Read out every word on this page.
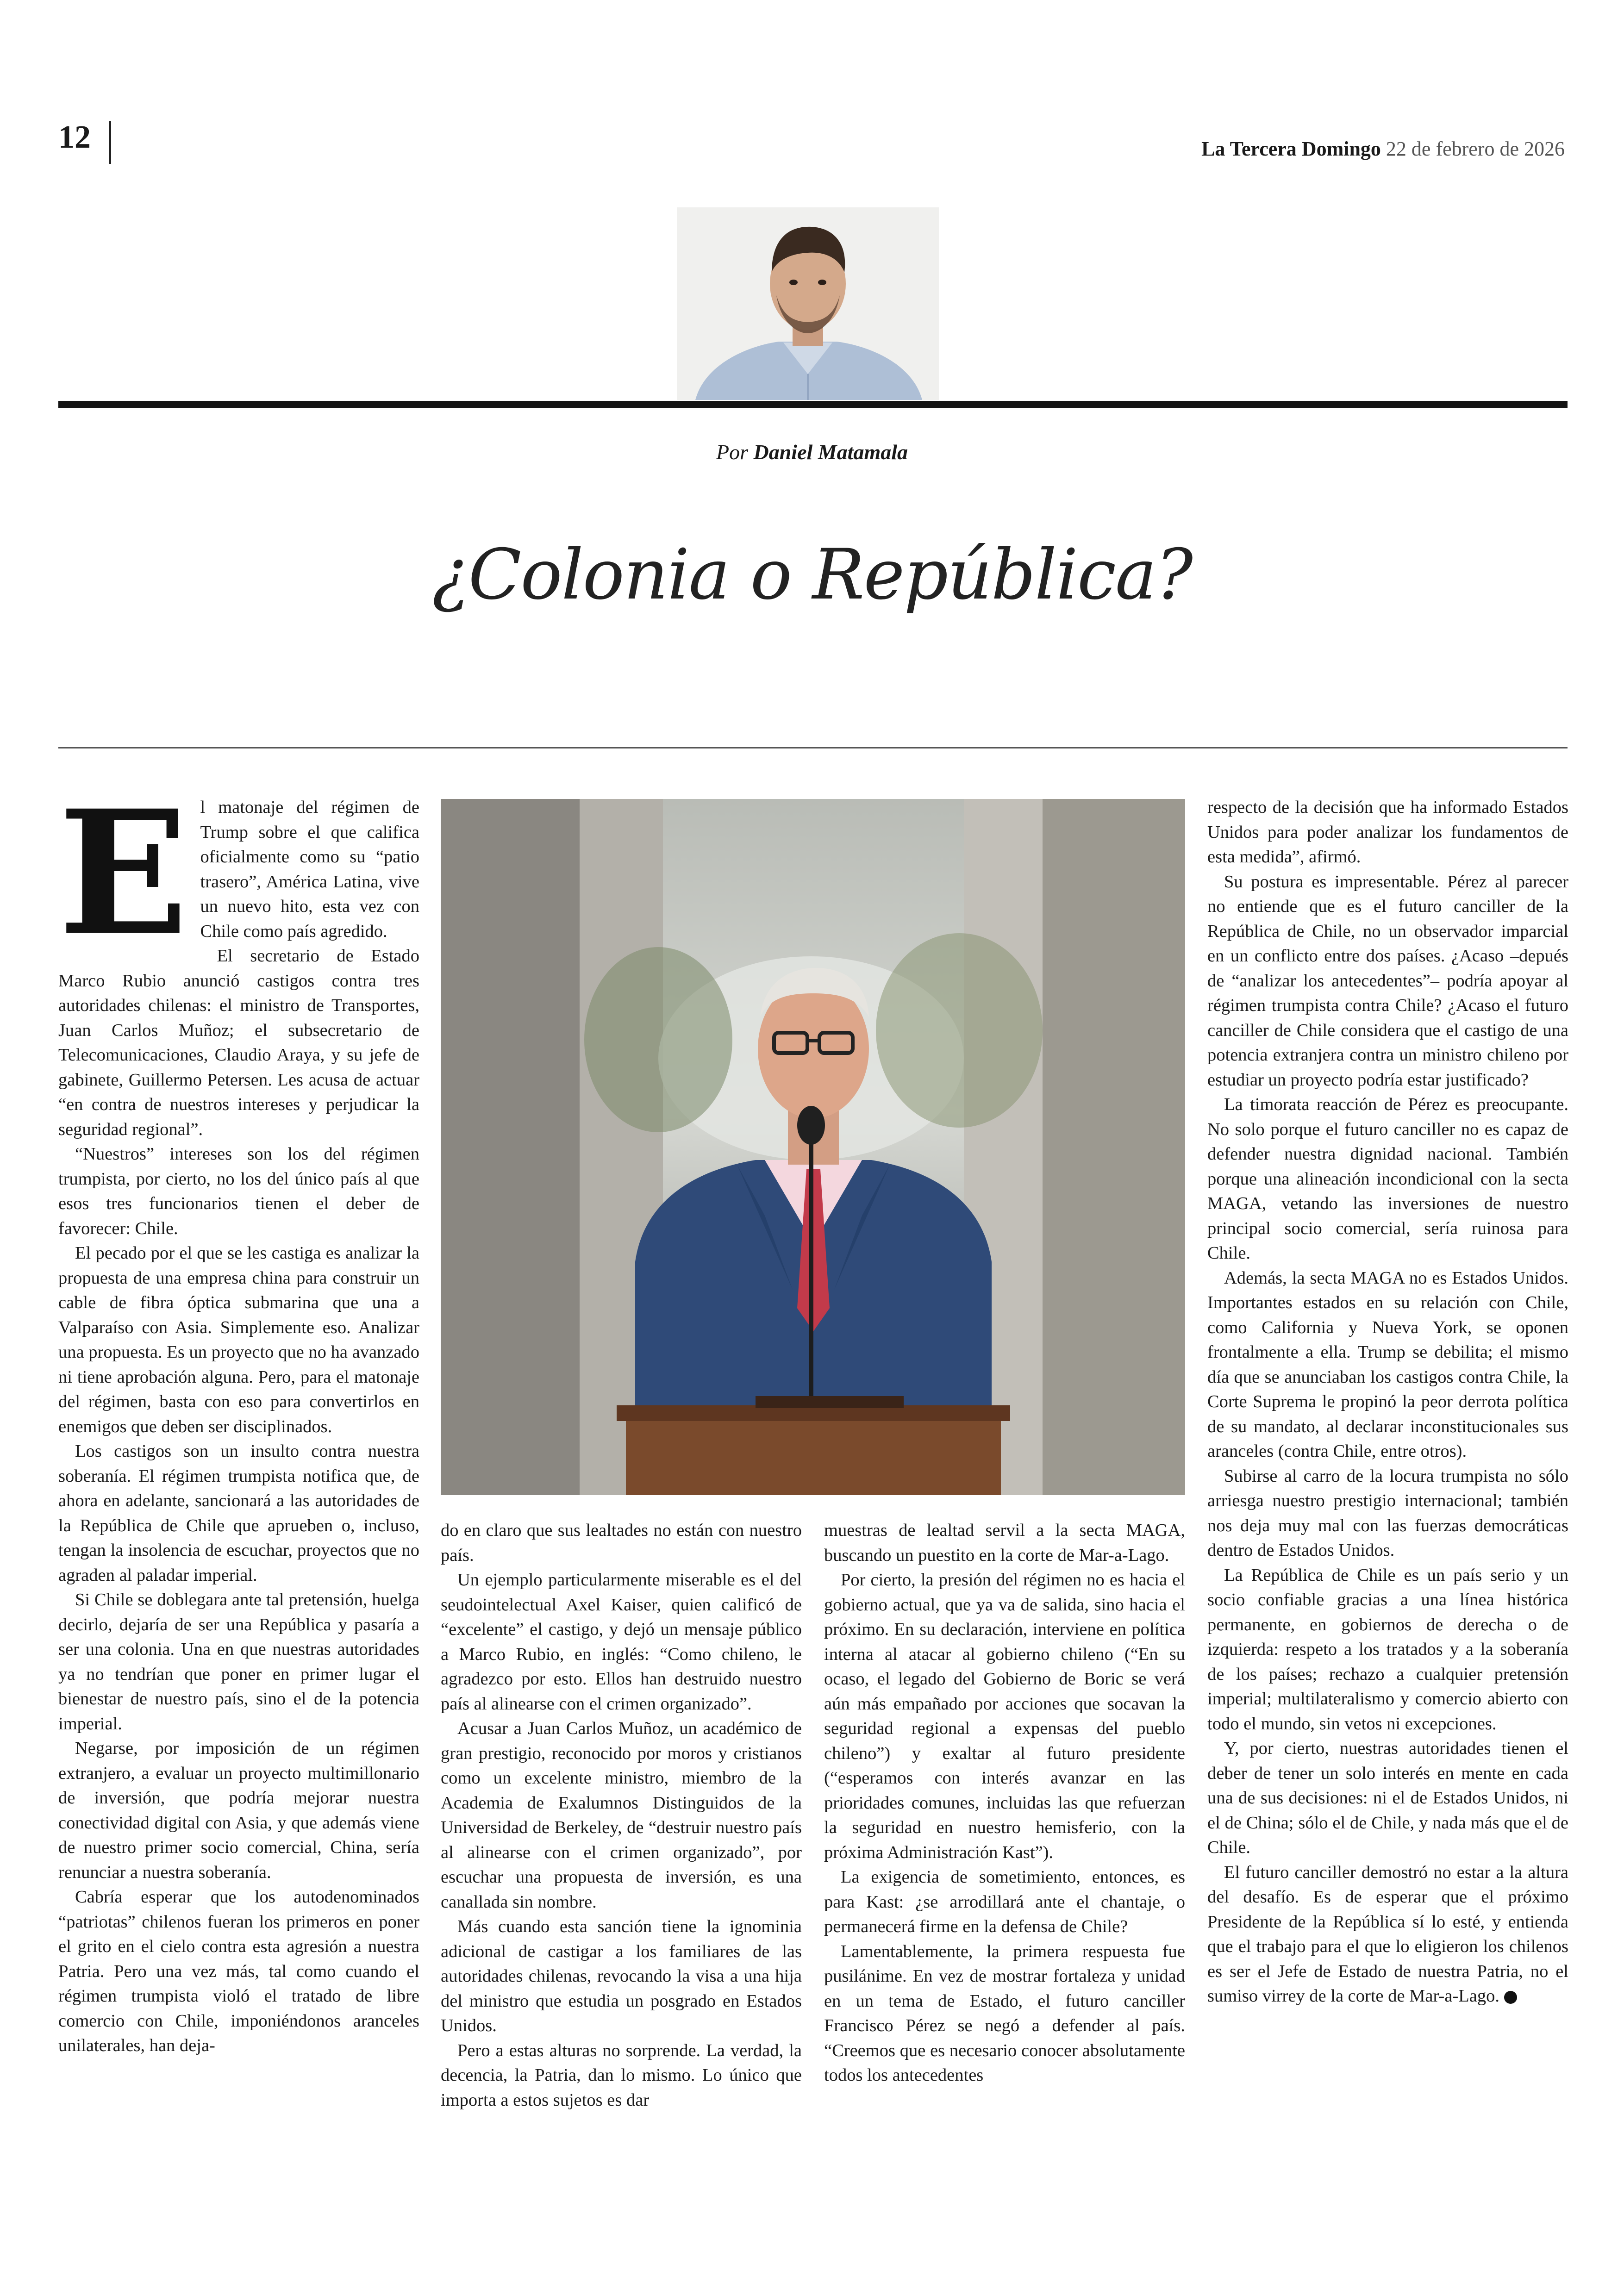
12	La Tercera Domingo 22 de febrero de 2026
Por Daniel Matamala
¿Colonia o República?
E l matonaje del régimen de Trump sobre el que califica oficialmente como su “patio trasero”, América Latina, vive un nuevo hito, esta vez con Chile como país agredido.

El secretario de Estado Marco Rubio anunció castigos contra tres autoridades chilenas: el ministro de Transportes, Juan Carlos Muñoz; el subsecretario de Telecomunicaciones, Claudio Araya, y su jefe de gabinete, Guillermo Petersen. Les acusa de actuar “en contra de nuestros intereses y perjudicar la seguridad regional”.

“Nuestros” intereses son los del régimen trumpista, por cierto, no los del único país al que esos tres funcionarios tienen el deber de favorecer: Chile.

El pecado por el que se les castiga es analizar la propuesta de una empresa china para construir un cable de fibra óptica submarina que una a Valparaíso con Asia. Simplemente eso. Analizar una propuesta. Es un proyecto que no ha avanzado ni tiene aprobación alguna. Pero, para el matonaje del régimen, basta con eso para convertirlos en enemigos que deben ser disciplinados.

Los castigos son un insulto contra nuestra soberanía. El régimen trumpista notifica que, de ahora en adelante, sancionará a las autoridades de la República de Chile que aprueben o, incluso, tengan la insolencia de escuchar, proyectos que no agraden al paladar imperial.

Si Chile se doblegara ante tal pretensión, huelga decirlo, dejaría de ser una República y pasaría a ser una colonia. Una en que nuestras autoridades ya no tendrían que poner en primer lugar el bienestar de nuestro país, sino el de la potencia imperial.

Negarse, por imposición de un régimen extranjero, a evaluar un proyecto multimillonario de inversión, que podría mejorar nuestra conectividad digital con Asia, y que además viene de nuestro primer socio comercial, China, sería renunciar a nuestra soberanía.

Cabría esperar que los autodenominados “patriotas” chilenos fueran los primeros en poner el grito en el cielo contra esta agresión a nuestra Patria. Pero una vez más, tal como cuando el régimen trumpista violó el tratado de libre comercio con Chile, imponiéndonos aranceles unilaterales, han deja-

do en claro que sus lealtades no están con nuestro país.

Un ejemplo particularmente miserable es el del seudointelectual Axel Kaiser, quien calificó de “excelente” el castigo, y dejó un mensaje público a Marco Rubio, en inglés: “Como chileno, le agradezco por esto. Ellos han destruido nuestro país al alinearse con el crimen organizado”.

Acusar a Juan Carlos Muñoz, un académico de gran prestigio, reconocido por moros y cristianos como un excelente ministro, miembro de la Academia de Exalumnos Distinguidos de la Universidad de Berkeley, de “destruir nuestro país al alinearse con el crimen organizado”, por escuchar una propuesta de inversión, es una canallada sin nombre.

Más cuando esta sanción tiene la ignominia adicional de castigar a los familiares de las autoridades chilenas, revocando la visa a una hija del ministro que estudia un posgrado en Estados Unidos.

Pero a estas alturas no sorprende. La verdad, la decencia, la Patria, dan lo mismo. Lo único que importa a estos sujetos es dar

muestras de lealtad servil a la secta MAGA, buscando un puestito en la corte de Mar-a-Lago.

Por cierto, la presión del régimen no es hacia el gobierno actual, que ya va de salida, sino hacia el próximo. En su declaración, interviene en política interna al atacar al gobierno chileno (“En su ocaso, el legado del Gobierno de Boric se verá aún más empañado por acciones que socavan la seguridad regional a expensas del pueblo chileno”) y exaltar al futuro presidente (“esperamos con interés avanzar en las prioridades comunes, incluidas las que refuerzan la seguridad en nuestro hemisferio, con la próxima Administración Kast”).

La exigencia de sometimiento, entonces, es para Kast: ¿se arrodillará ante el chantaje, o permanecerá firme en la defensa de Chile?

Lamentablemente, la primera respuesta fue pusilánime. En vez de mostrar fortaleza y unidad en un tema de Estado, el futuro canciller Francisco Pérez se negó a defender al país. “Creemos que es necesario conocer absolutamente todos los antecedentes

respecto de la decisión que ha informado Estados Unidos para poder analizar los fundamentos de esta medida”, afirmó.

Su postura es impresentable. Pérez al parecer no entiende que es el futuro canciller de la República de Chile, no un observador imparcial en un conflicto entre dos países. ¿Acaso –depués de “analizar los antecedentes”– podría apoyar al régimen trumpista contra Chile? ¿Acaso el futuro canciller de Chile considera que el castigo de una potencia extranjera contra un ministro chileno por estudiar un proyecto podría estar justificado?

La timorata reacción de Pérez es preocupante. No solo porque el futuro canciller no es capaz de defender nuestra dignidad nacional. También porque una alineación incondicional con la secta MAGA, vetando las inversiones de nuestro principal socio comercial, sería ruinosa para Chile.

Además, la secta MAGA no es Estados Unidos. Importantes estados en su relación con Chile, como California y Nueva York, se oponen frontalmente a ella. Trump se debilita; el mismo día que se anunciaban los castigos contra Chile, la Corte Suprema le propinó la peor derrota política de su mandato, al declarar inconstitucionales sus aranceles (contra Chile, entre otros).

Subirse al carro de la locura trumpista no sólo arriesga nuestro prestigio internacional; también nos deja muy mal con las fuerzas democráticas dentro de Estados Unidos.

La República de Chile es un país serio y un socio confiable gracias a una línea histórica permanente, en gobiernos de derecha o de izquierda: respeto a los tratados y a la soberanía de los países; rechazo a cualquier pretensión imperial; multilateralismo y comercio abierto con todo el mundo, sin vetos ni excepciones.

Y, por cierto, nuestras autoridades tienen el deber de tener un solo interés en mente en cada una de sus decisiones: ni el de Estados Unidos, ni el de China; sólo el de Chile, y nada más que el de Chile.

El futuro canciller demostró no estar a la altura del desafío. Es de esperar que el próximo Presidente de la República sí lo esté, y entienda que el trabajo para el que lo eligieron los chilenos es ser el Jefe de Estado de nuestra Patria, no el sumiso virrey de la corte de Mar-a-Lago.
